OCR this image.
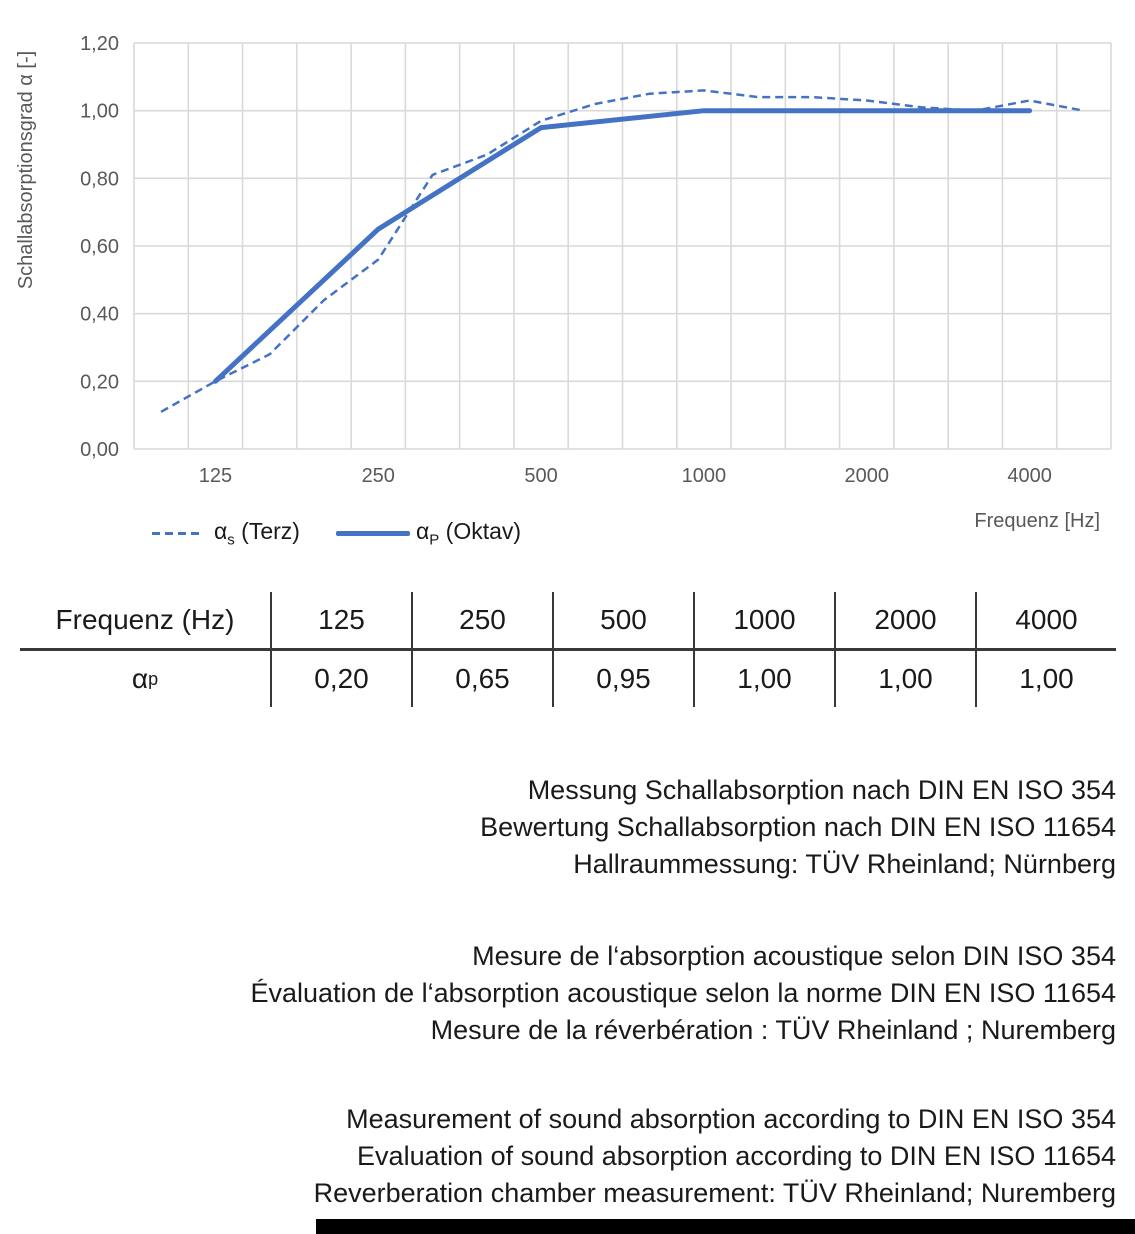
0,00
0,20
0,40
0,60
0,80
1,00
1,20
125	250	500	1000	2000	4000
Frequenz [Hz]
Schallabsorptionsgrad α [-]
$\alpha_s$ (Terz)	$\alpha_P$ (Oktav)
Frequenz (Hz)	125	250	500	1000	2000	4000
α p	0,20	0,65	0,95	1,00	1,00	1,00
Messung Schallabsorption nach DIN EN ISO 354
Bewertung Schallabsorption nach DIN EN ISO 11654
Hallraummessung: TÜV Rheinland; Nürnberg
Mesure de l‘absorption acoustique selon DIN ISO 354
Évaluation de l‘absorption acoustique selon la norme DIN EN ISO 11654
Mesure de la réverbération : TÜV Rheinland ; Nuremberg
Measurement of sound absorption according to DIN EN ISO 354
Evaluation of sound absorption according to DIN EN ISO 11654
Reverberation chamber measurement: TÜV Rheinland; Nuremberg
